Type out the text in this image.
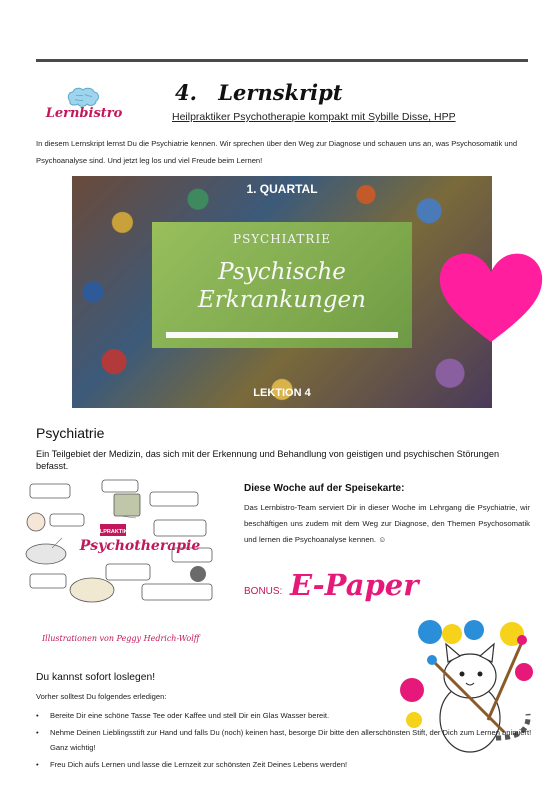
Lernbistro
4. Lernskript
Heilpraktiker Psychotherapie kompakt mit Sybille Disse, HPP
In diesem Lernskript lernst Du die Psychiatrie kennen. Wir sprechen über den Weg zur Diagnose und schauen uns an, was Psychosomatik und Psychoanalyse sind. Und jetzt leg los und viel Freude beim Lernen!
1. QUARTAL
PSYCHIATRIE
Psychische
Erkrankungen
LEKTION 4
Psychiatrie
Ein Teilgebiet der Medizin, das sich mit der Erkennung und Behandlung von geistigen und psychischen Störungen befasst.
HEILPRAKTIKER
Psychotherapie
Illustrationen von Peggy Hedrich-Wolff
Diese Woche auf der Speisekarte:
Das Lernbistro-Team serviert Dir in dieser Woche im Lehrgang die Psychiatrie, wir beschäftigen uns zudem mit dem Weg zur Diagnose, den Themen Psychosomatik und lernen die Psychoanalyse kennen. ☺
BONUS: E-Paper
Du kannst sofort loslegen!
Vorher solltest Du folgendes erledigen:
• Bereite Dir eine schöne Tasse Tee oder Kaffee und stell Dir ein Glas Wasser bereit.
• Nehme Deinen Lieblingsstift zur Hand und falls Du (noch) keinen hast, besorge Dir bitte den allerschönsten Stift, der Dich zum Lernen animiert! Ganz wichtig!
• Freu Dich aufs Lernen und lasse die Lernzeit zur schönsten Zeit Deines Lebens werden!
